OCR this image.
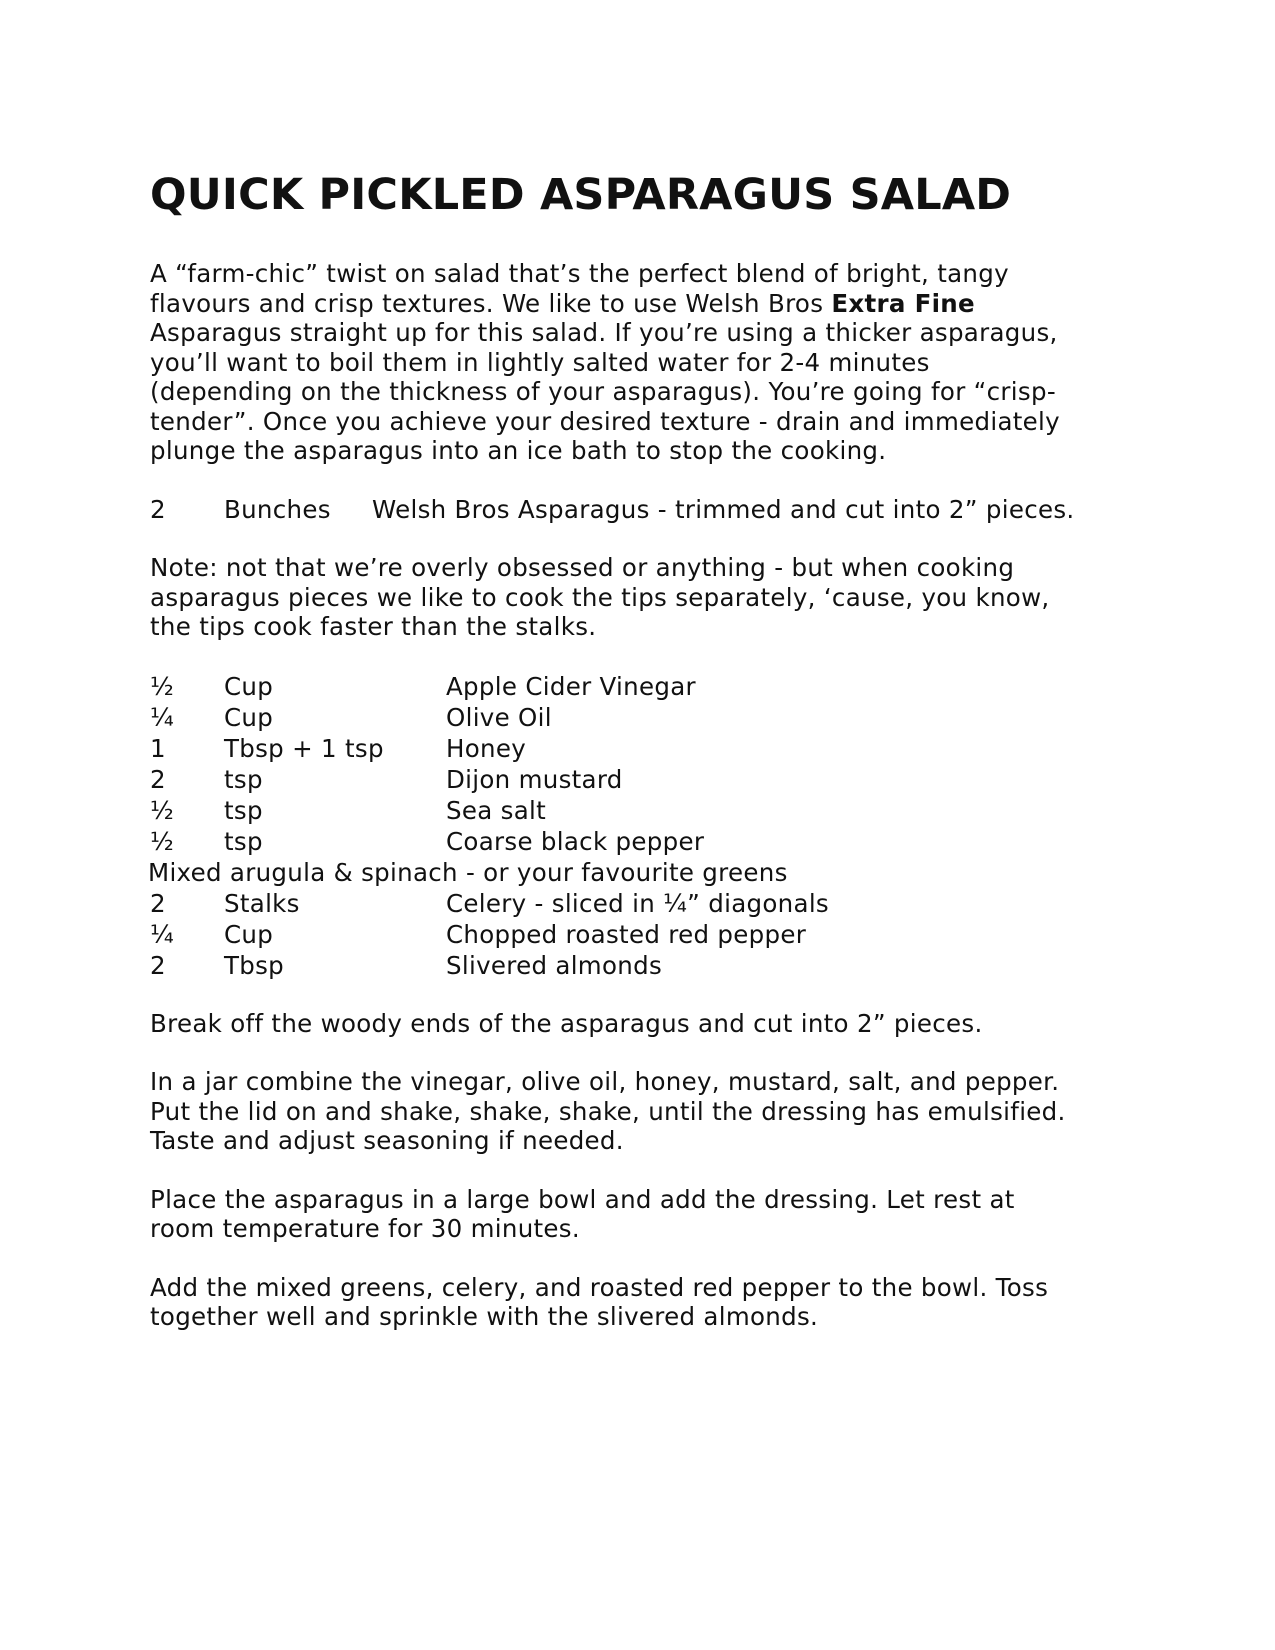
QUICK PICKLED ASPARAGUS SALAD

A “farm-chic” twist on salad that’s the perfect blend of bright, tangy flavours and crisp textures. We like to use Welsh Bros Extra Fine Asparagus straight up for this salad. If you’re using a thicker asparagus, you’ll want to boil them in lightly salted water for 2-4 minutes (depending on the thickness of your asparagus). You’re going for “crisp-tender”. Once you achieve your desired texture - drain and immediately plunge the asparagus into an ice bath to stop the cooking.

2 Bunches Welsh Bros Asparagus - trimmed and cut into 2” pieces.

Note: not that we’re overly obsessed or anything - but when cooking asparagus pieces we like to cook the tips separately, ‘cause, you know, the tips cook faster than the stalks.

½ Cup	Apple Cider Vinegar
¼ Cup	Olive Oil
1 Tbsp + 1 tsp	Honey
2 tsp	Dijon mustard
½ tsp	Sea salt
½ tsp	Coarse black pepper
Mixed arugula & spinach - or your favourite greens
2 Stalks	Celery - sliced in ¼” diagonals
¼ Cup	Chopped roasted red pepper
2 Tbsp	Slivered almonds

Break off the woody ends of the asparagus and cut into 2” pieces.

In a jar combine the vinegar, olive oil, honey, mustard, salt, and pepper. Put the lid on and shake, shake, shake, until the dressing has emulsified. Taste and adjust seasoning if needed.

Place the asparagus in a large bowl and add the dressing. Let rest at room temperature for 30 minutes.

Add the mixed greens, celery, and roasted red pepper to the bowl. Toss together well and sprinkle with the slivered almonds.
